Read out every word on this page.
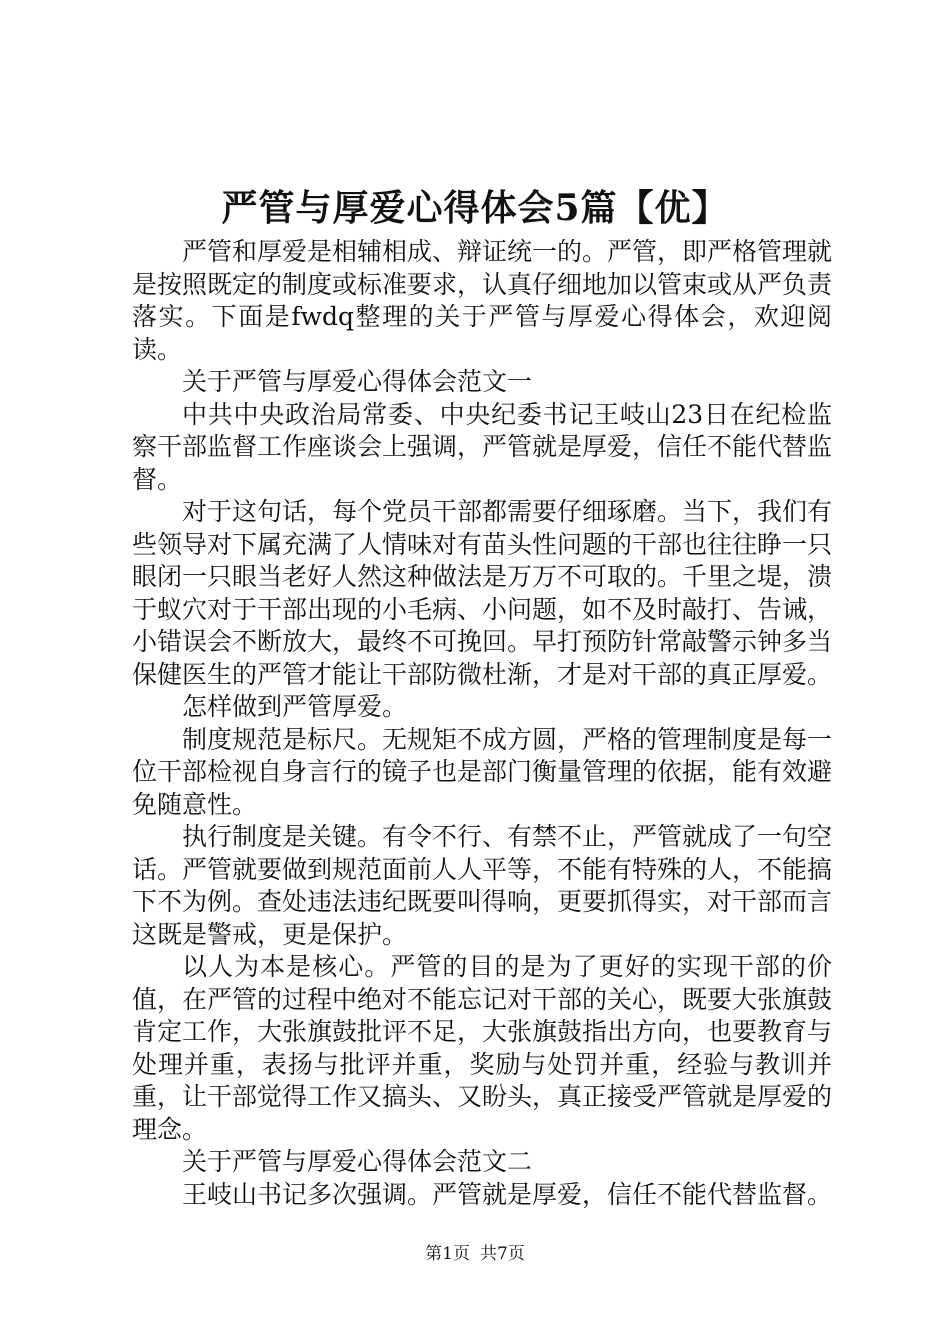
严管与厚爱心得体会5篇【优】

严管和厚爱是相辅相成、辩证统一的。严管，即严格管理就是按照既定的制度或标准要求，认真仔细地加以管束或从严负责落实。下面是fwdq整理的关于严管与厚爱心得体会，欢迎阅读。

关于严管与厚爱心得体会范文一

中共中央政治局常委、中央纪委书记王岐山23日在纪检监察干部监督工作座谈会上强调，严管就是厚爱，信任不能代替监督。

对于这句话，每个党员干部都需要仔细琢磨。当下，我们有些领导对下属充满了人情味对有苗头性问题的干部也往往睁一只眼闭一只眼当老好人然这种做法是万万不可取的。千里之堤，溃于蚁穴对于干部出现的小毛病、小问题，如不及时敲打、告诫，小错误会不断放大，最终不可挽回。早打预防针常敲警示钟多当保健医生的严管才能让干部防微杜渐，才是对干部的真正厚爱。

怎样做到严管厚爱。

制度规范是标尺。无规矩不成方圆，严格的管理制度是每一位干部检视自身言行的镜子也是部门衡量管理的依据，能有效避免随意性。

执行制度是关键。有令不行、有禁不止，严管就成了一句空话。严管就要做到规范面前人人平等，不能有特殊的人，不能搞下不为例。查处违法违纪既要叫得响，更要抓得实，对干部而言这既是警戒，更是保护。

以人为本是核心。严管的目的是为了更好的实现干部的价值，在严管的过程中绝对不能忘记对干部的关心，既要大张旗鼓肯定工作，大张旗鼓批评不足，大张旗鼓指出方向，也要教育与处理并重，表扬与批评并重，奖励与处罚并重，经验与教训并重，让干部觉得工作又搞头、又盼头，真正接受严管就是厚爱的理念。

关于严管与厚爱心得体会范文二

王岐山书记多次强调。严管就是厚爱，信任不能代替监督。

第1页 共7页
